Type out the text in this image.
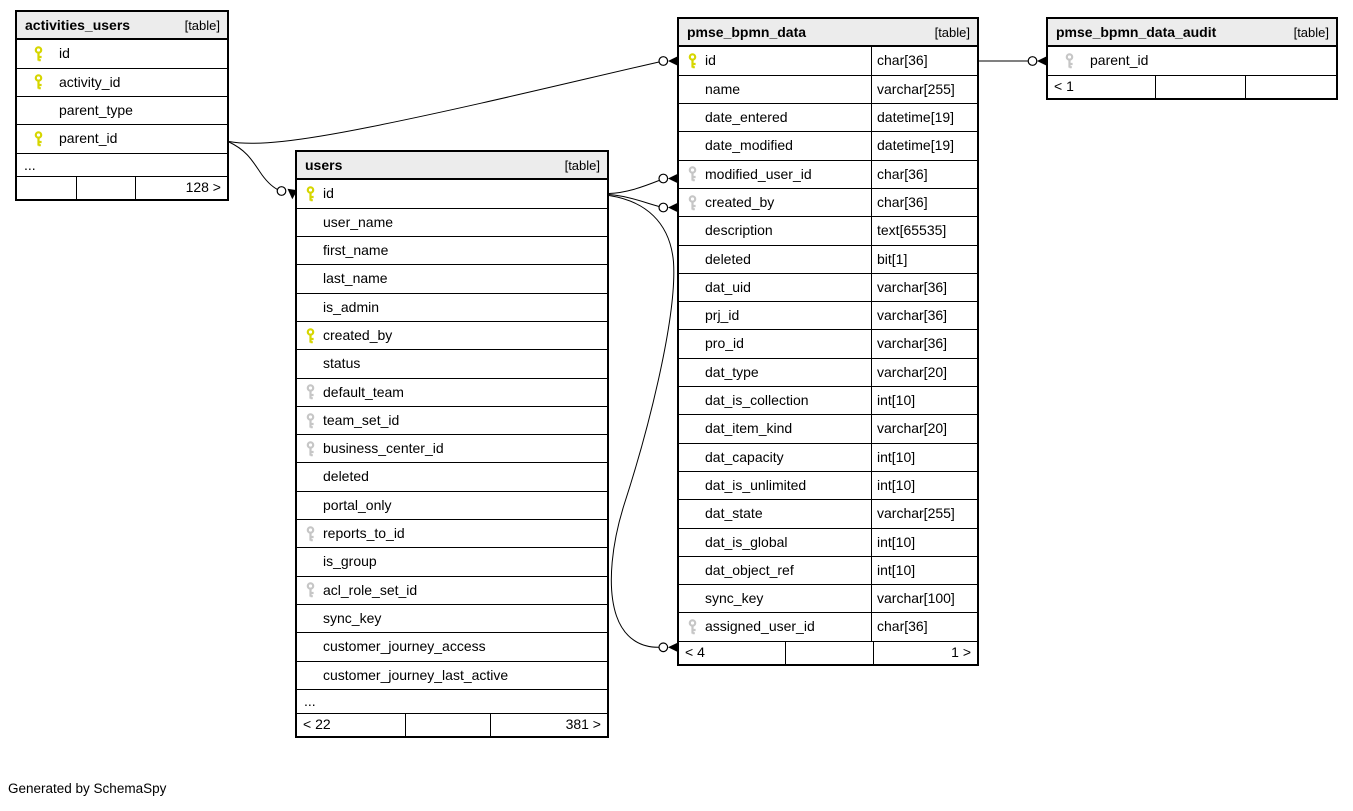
activities_users	[table]
id
activity_id
parent_type
parent_id
...
128 >
users	[table]
id
user_name
first_name
last_name
is_admin
created_by
status
default_team
team_set_id
business_center_id
deleted
portal_only
reports_to_id
is_group
acl_role_set_id
sync_key
customer_journey_access
customer_journey_last_active
...
< 22	381 >
pmse_bpmn_data	[table]
id	char[36]
name	varchar[255]
date_entered	datetime[19]
date_modified	datetime[19]
modified_user_id	char[36]
created_by	char[36]
description	text[65535]
deleted	bit[1]
dat_uid	varchar[36]
prj_id	varchar[36]
pro_id	varchar[36]
dat_type	varchar[20]
dat_is_collection	int[10]
dat_item_kind	varchar[20]
dat_capacity	int[10]
dat_is_unlimited	int[10]
dat_state	varchar[255]
dat_is_global	int[10]
dat_object_ref	int[10]
sync_key	varchar[100]
assigned_user_id	char[36]
< 4	1 >
pmse_bpmn_data_audit	[table]
parent_id
< 1
Generated by SchemaSpy
